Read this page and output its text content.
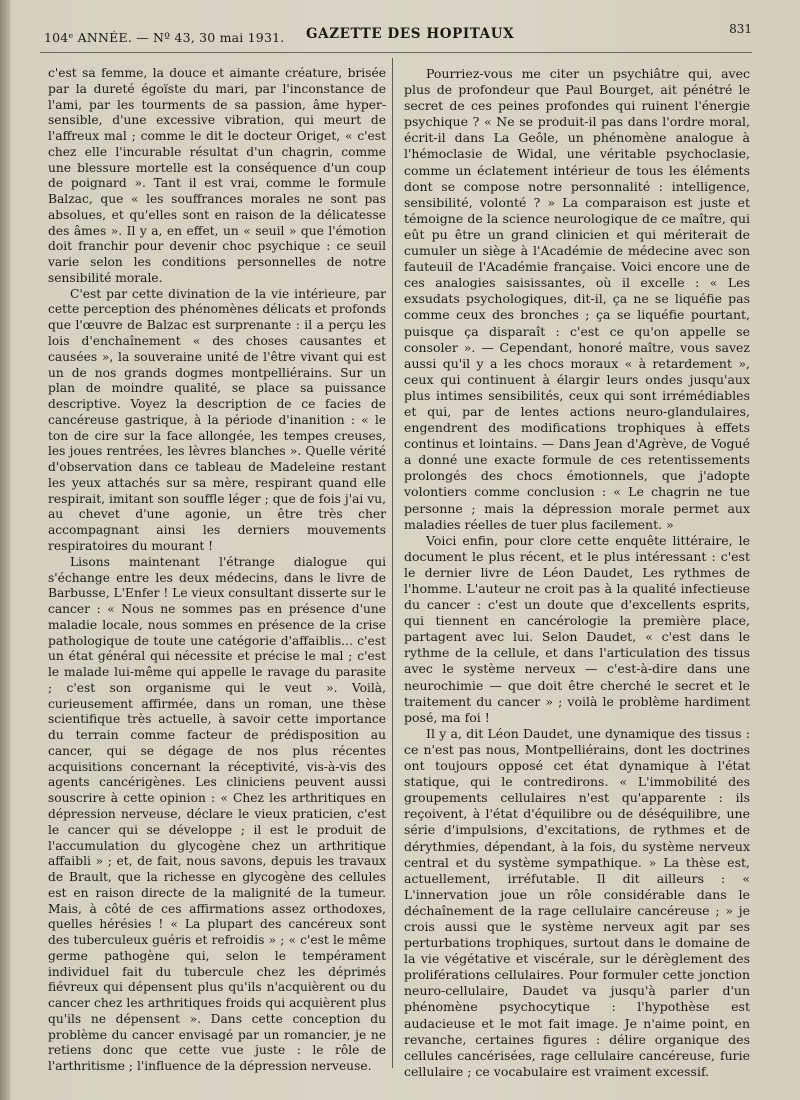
104ᵉ ANNÉE. — Nº 43, 30 mai 1931. GAZETTE DES HOPITAUX	831

c'est sa femme, la douce et aimante créature, brisée par la dureté égoïste du mari, par l'inconstance de l'ami, par les tourments de sa passion, âme hyper-sensible, d'une excessive vibration, qui meurt de l'affreux mal ; comme le dit le docteur Origet, « c'est chez elle l'incurable résultat d'un chagrin, comme une blessure mortelle est la conséquence d'un coup de poignard ». Tant il est vrai, comme le formule Balzac, que « les souffrances morales ne sont pas absolues, et qu'elles sont en raison de la délicatesse des âmes ». Il y a, en effet, un « seuil » que l'émotion doit franchir pour devenir choc psychique : ce seuil varie selon les conditions personnelles de notre sensibilité morale.

C'est par cette divination de la vie intérieure, par cette perception des phénomènes délicats et profonds que l'œuvre de Balzac est surprenante : il a perçu les lois d'enchaînement « des choses causantes et causées », la souveraine unité de l'être vivant qui est un de nos grands dogmes montpelliérains. Sur un plan de moindre qualité, se place sa puissance descriptive. Voyez la description de ce facies de cancéreuse gastrique, à la période d'inanition : « le ton de cire sur la face allongée, les tempes creuses, les joues rentrées, les lèvres blanches ». Quelle vérité d'observation dans ce tableau de Madeleine restant les yeux attachés sur sa mère, respirant quand elle respirait, imitant son souffle léger ; que de fois j'ai vu, au chevet d'une agonie, un être très cher accompagnant ainsi les derniers mouvements respiratoires du mourant !

Lisons maintenant l'étrange dialogue qui s'échange entre les deux médecins, dans le livre de Barbusse, L'Enfer ! Le vieux consultant disserte sur le cancer : « Nous ne sommes pas en présence d'une maladie locale, nous sommes en présence de la crise pathologique de toute une catégorie d'affaiblis... c'est un état général qui nécessite et précise le mal ; c'est le malade lui-même qui appelle le ravage du parasite ; c'est son organisme qui le veut ». Voilà, curieusement affirmée, dans un roman, une thèse scientifique très actuelle, à savoir cette importance du terrain comme facteur de prédisposition au cancer, qui se dégage de nos plus récentes acquisitions concernant la réceptivité, vis-à-vis des agents cancérigènes. Les cliniciens peuvent aussi souscrire à cette opinion : « Chez les arthritiques en dépression nerveuse, déclare le vieux praticien, c'est le cancer qui se développe ; il est le produit de l'accumulation du glycogène chez un arthritique affaibli » ; et, de fait, nous savons, depuis les travaux de Brault, que la richesse en glycogène des cellules est en raison directe de la malignité de la tumeur. Mais, à côté de ces affirmations assez orthodoxes, quelles hérésies ! « La plupart des cancéreux sont des tuberculeux guéris et refroidis » ; « c'est le même germe pathogène qui, selon le tempérament individuel fait du tubercule chez les déprimés fiévreux qui dépensent plus qu'ils n'acquièrent ou du cancer chez les arthritiques froids qui acquièrent plus qu'ils ne dépensent ». Dans cette conception du problème du cancer envisagé par un romancier, je ne retiens donc que cette vue juste : le rôle de l'arthritisme ; l'influence de la dépression nerveuse.

Pourriez-vous me citer un psychiâtre qui, avec plus de profondeur que Paul Bourget, ait pénétré le secret de ces peines profondes qui ruinent l'énergie psychique ? « Ne se produit-il pas dans l'ordre moral, écrit-il dans La Geôle, un phénomène analogue à l'hémoclasie de Widal, une véritable psychoclasie, comme un éclatement intérieur de tous les éléments dont se compose notre personnalité : intelligence, sensibilité, volonté ? » La comparaison est juste et témoigne de la science neurologique de ce maître, qui eût pu être un grand clinicien et qui mériterait de cumuler un siège à l'Académie de médecine avec son fauteuil de l'Académie française. Voici encore une de ces analogies saisissantes, où il excelle : « Les exsudats psychologiques, dit-il, ça ne se liquéfie pas comme ceux des bronches ; ça se liquéfie pourtant, puisque ça disparaît : c'est ce qu'on appelle se consoler ». — Cependant, honoré maître, vous savez aussi qu'il y a les chocs moraux « à retardement », ceux qui continuent à élargir leurs ondes jusqu'aux plus intimes sensibilités, ceux qui sont irrémédiables et qui, par de lentes actions neuro-glandulaires, engendrent des modifications trophiques à effets continus et lointains. — Dans Jean d'Agrève, de Vogué a donné une exacte formule de ces retentissements prolongés des chocs émotionnels, que j'adopte volontiers comme conclusion : « Le chagrin ne tue personne ; mais la dépression morale permet aux maladies réelles de tuer plus facilement. »

Voici enfin, pour clore cette enquête littéraire, le document le plus récent, et le plus intéressant : c'est le dernier livre de Léon Daudet, Les rythmes de l'homme. L'auteur ne croit pas à la qualité infectieuse du cancer : c'est un doute que d'excellents esprits, qui tiennent en cancérologie la première place, partagent avec lui. Selon Daudet, « c'est dans le rythme de la cellule, et dans l'articulation des tissus avec le système nerveux — c'est-à-dire dans une neurochimie — que doit être cherché le secret et le traitement du cancer » ; voilà le problème hardiment posé, ma foi !

Il y a, dit Léon Daudet, une dynamique des tissus : ce n'est pas nous, Montpelliérains, dont les doctrines ont toujours opposé cet état dynamique à l'état statique, qui le contredirons. « L'immobilité des groupements cellulaires n'est qu'apparente : ils reçoivent, à l'état d'équilibre ou de déséquilibre, une série d'impulsions, d'excitations, de rythmes et de dérythmies, dépendant, à la fois, du système nerveux central et du système sympathique. » La thèse est, actuellement, irréfutable. Il dit ailleurs : « L'innervation joue un rôle considérable dans le déchaînement de la rage cellulaire cancéreuse ; » je crois aussi que le système nerveux agit par ses perturbations trophiques, surtout dans le domaine de la vie végétative et viscérale, sur le dérèglement des proliférations cellulaires. Pour formuler cette jonction neuro-cellulaire, Daudet va jusqu'à parler d'un phénomène psychocytique : l'hypothèse est audacieuse et le mot fait image. Je n'aime point, en revanche, certaines figures : délire organique des cellules cancérisées, rage cellulaire cancéreuse, furie cellulaire ; ce vocabulaire est vraiment excessif.
